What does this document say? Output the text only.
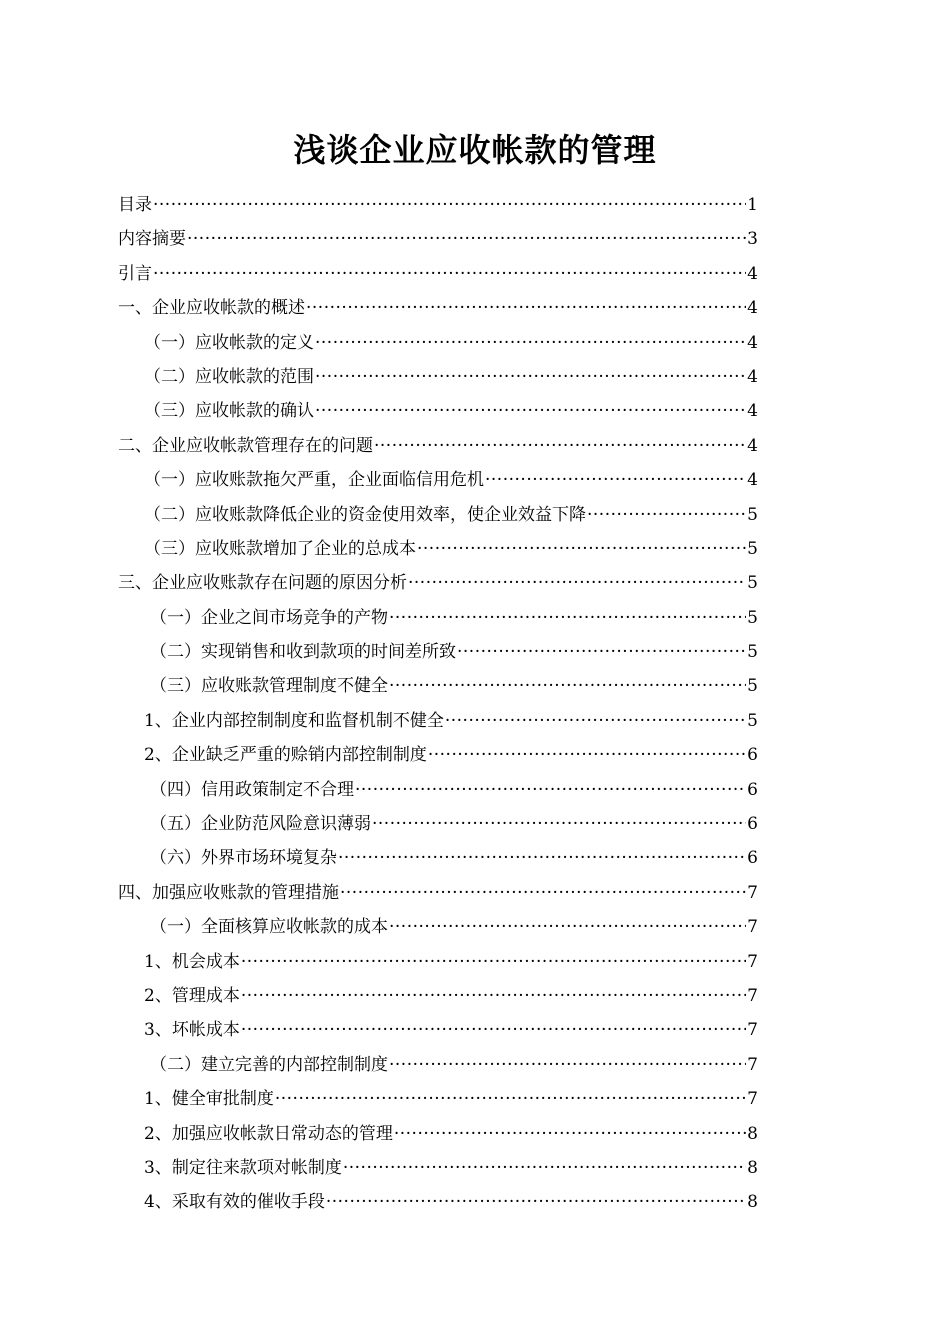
浅谈企业应收帐款的管理
目录 ·····	1
内容摘要 ·····	3
引言 ·····	4
一、企业应收帐款的概述 ·····	4
（一）应收帐款的定义 ·····	4
（二）应收帐款的范围 ·····	4
（三）应收帐款的确认 ·····	4
二、企业应收帐款管理存在的问题 ·····	4
（一）应收账款拖欠严重，企业面临信用危机 ·····	4
（二）应收账款降低企业的资金使用效率，使企业效益下降 ·····	5
（三）应收账款增加了企业的总成本 ·····	5
三、企业应收账款存在问题的原因分析 ·····	5
（一）企业之间市场竞争的产物 ·····	5
（二）实现销售和收到款项的时间差所致 ·····	5
（三）应收账款管理制度不健全 ·····	5
1、企业内部控制制度和监督机制不健全 ·····	5
2、企业缺乏严重的赊销内部控制制度 ·····	6
（四）信用政策制定不合理 ·····	6
（五）企业防范风险意识薄弱 ·····	6
（六）外界市场环境复杂 ·····	6
四、加强应收账款的管理措施 ·····	7
（一）全面核算应收帐款的成本 ·····	7
1、机会成本 ·····	7
2、管理成本 ·····	7
3、坏帐成本 ·····	7
（二）建立完善的内部控制制度 ·····	7
1、健全审批制度 ·····	7
2、加强应收帐款日常动态的管理 ·····	8
3、制定往来款项对帐制度 ·····	8
4、采取有效的催收手段 ·····	8
